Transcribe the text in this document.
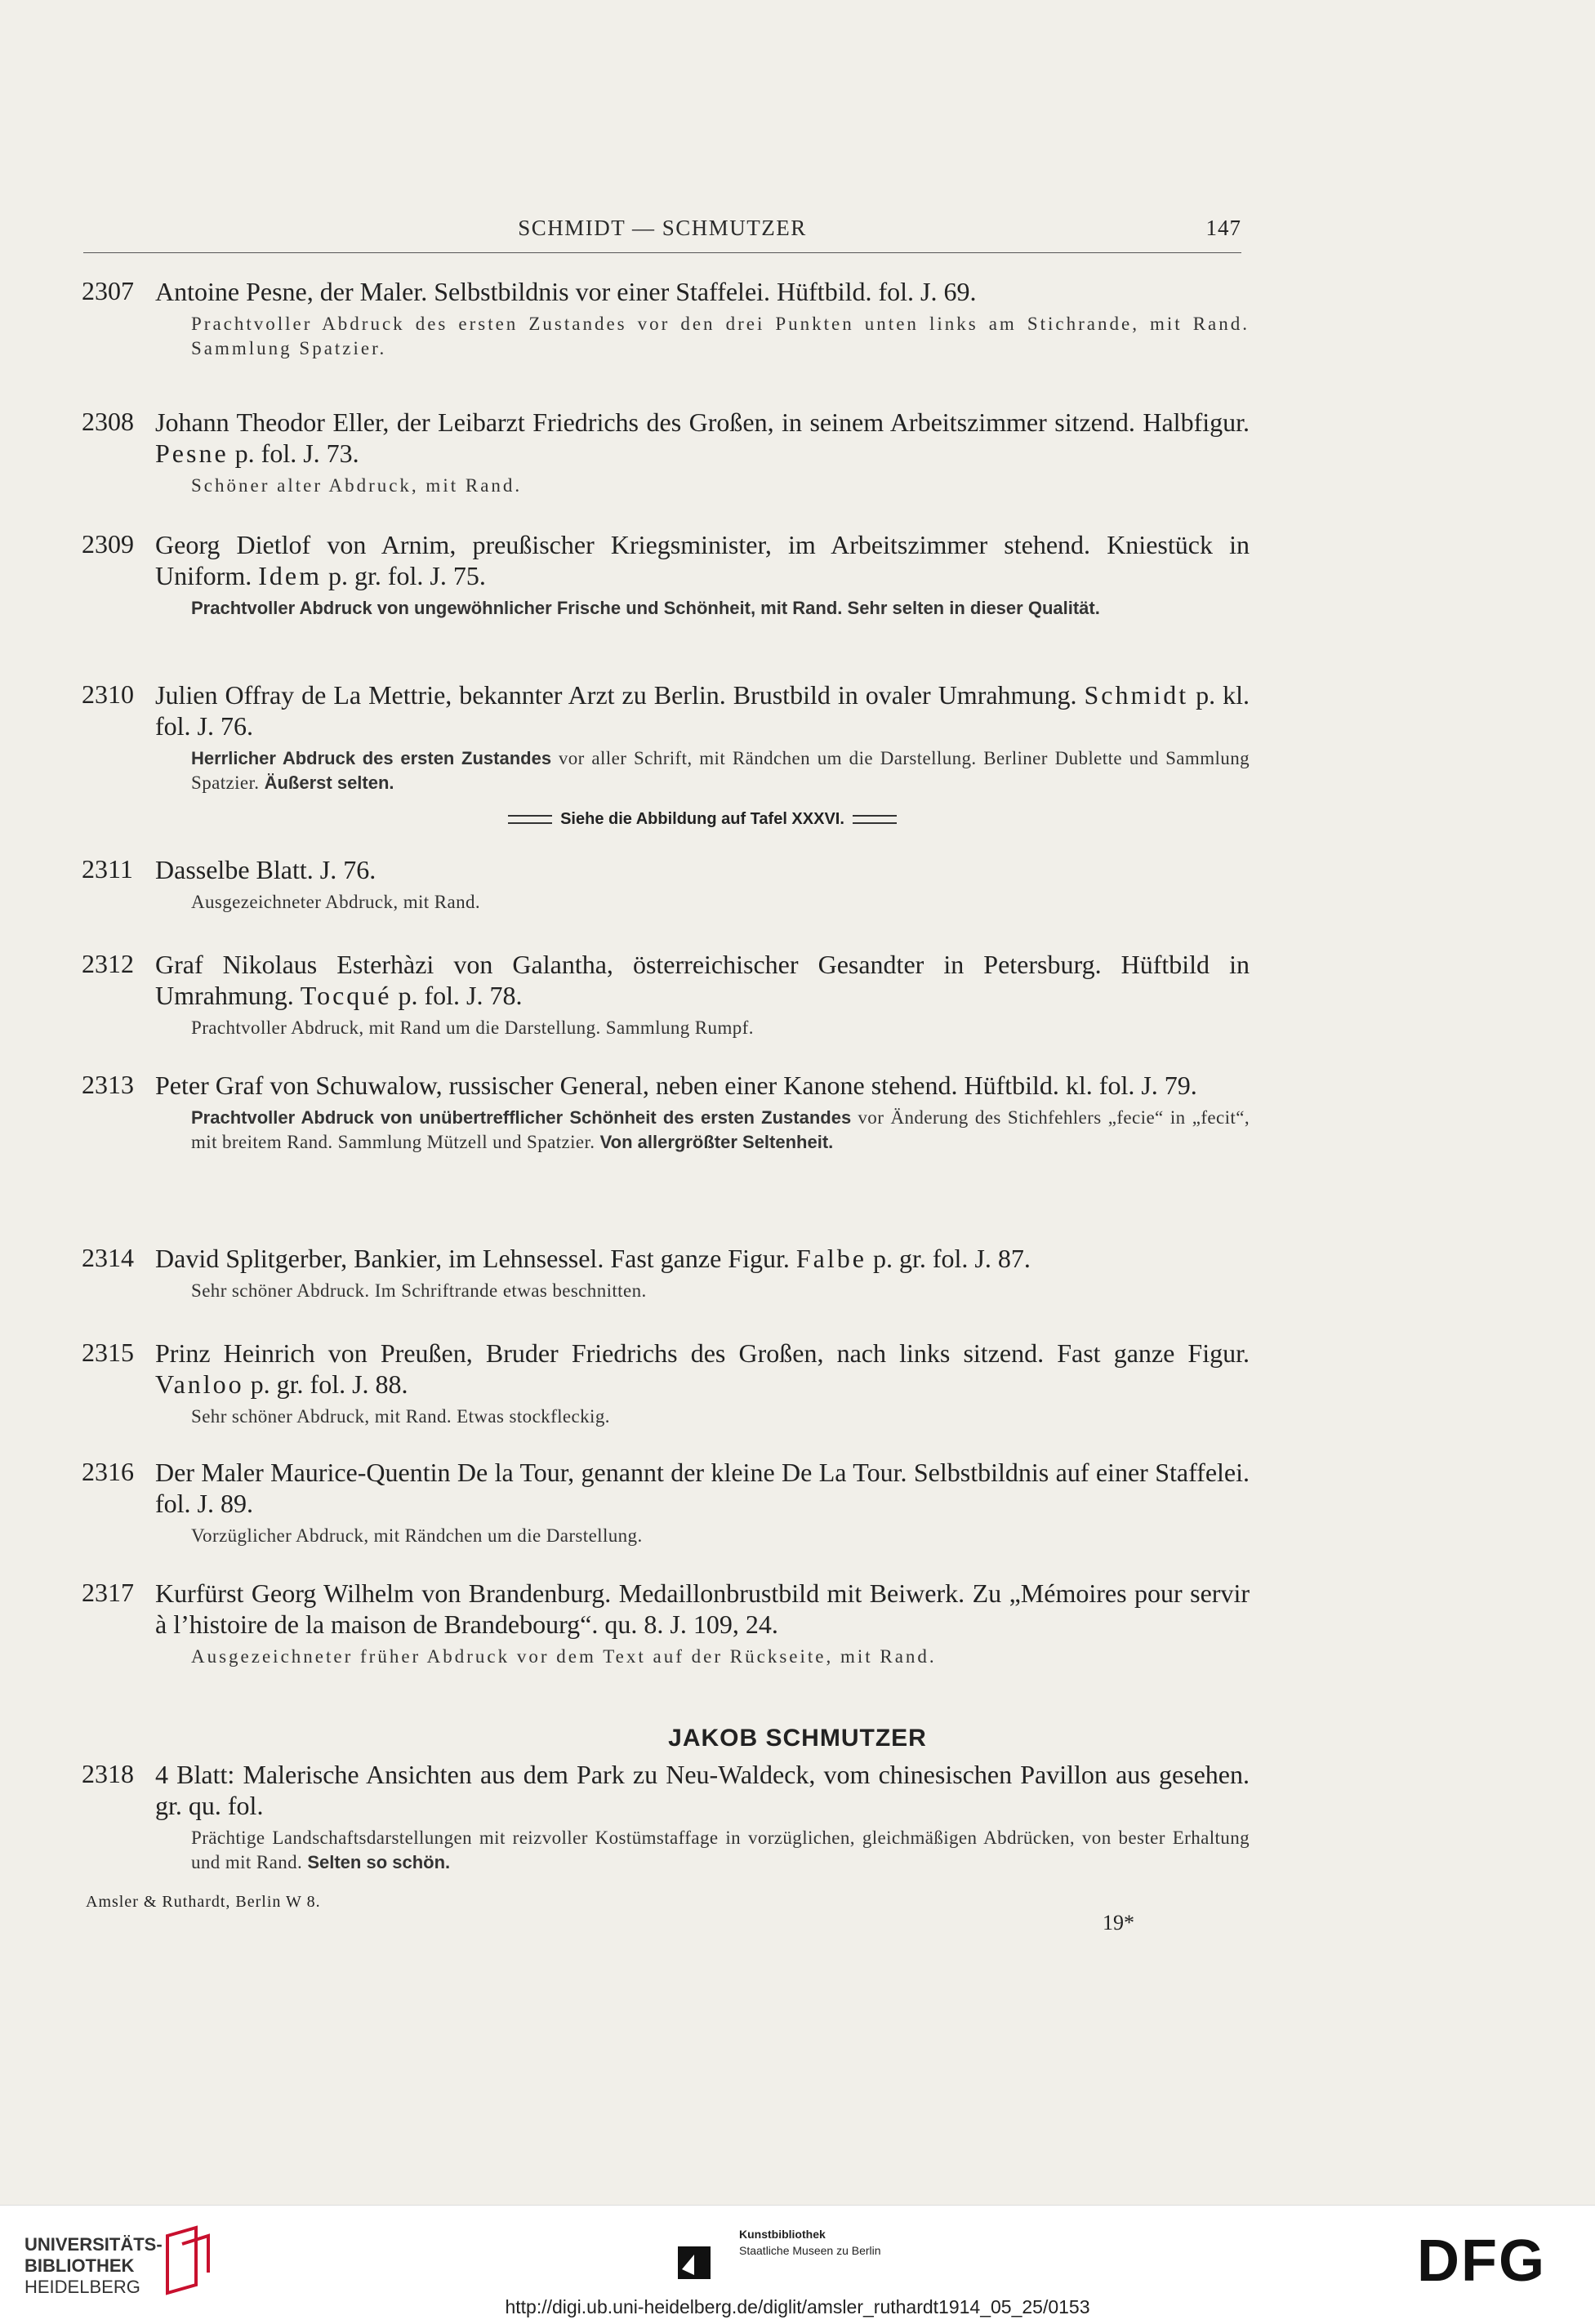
SCHMIDT — SCHMUTZER	147
2307 Antoine Pesne, der Maler. Selbstbildnis vor einer Staffelei. Hüftbild. fol. J. 69.
Prachtvoller Abdruck des ersten Zustandes vor den drei Punkten unten links am Stichrande, mit Rand. Sammlung Spatzier.
2308 Johann Theodor Eller, der Leibarzt Friedrichs des Großen, in seinem Arbeitszimmer sitzend. Halbfigur. Pesne p. fol. J. 73.
Schöner alter Abdruck, mit Rand.
2309 Georg Dietlof von Arnim, preußischer Kriegsminister, im Arbeitszimmer stehend. Kniestück in Uniform. Idem p. gr. fol. J. 75.
Prachtvoller Abdruck von ungewöhnlicher Frische und Schönheit, mit Rand. Sehr selten in dieser Qualität.
2310 Julien Offray de La Mettrie, bekannter Arzt zu Berlin. Brustbild in ovaler Umrahmung. Schmidt p. kl. fol. J. 76.
Herrlicher Abdruck des ersten Zustandes vor aller Schrift, mit Rändchen um die Darstellung. Berliner Dublette und Sammlung Spatzier. Äußerst selten.
Siehe die Abbildung auf Tafel XXXVI.
2311 Dasselbe Blatt. J. 76.
Ausgezeichneter Abdruck, mit Rand.
2312 Graf Nikolaus Esterhàzi von Galantha, österreichischer Gesandter in Petersburg. Hüftbild in Umrahmung. Tocqué p. fol. J. 78.
Prachtvoller Abdruck, mit Rand um die Darstellung. Sammlung Rumpf.
2313 Peter Graf von Schuwalow, russischer General, neben einer Kanone stehend. Hüftbild. kl. fol. J. 79.
Prachtvoller Abdruck von unübertrefflicher Schönheit des ersten Zustandes vor Änderung des Stichfehlers „fecie“ in „fecit“, mit breitem Rand. Sammlung Mützell und Spatzier. Von allergrößter Seltenheit.
2314 David Splitgerber, Bankier, im Lehnsessel. Fast ganze Figur. Falbe p. gr. fol. J. 87.
Sehr schöner Abdruck. Im Schriftrande etwas beschnitten.
2315 Prinz Heinrich von Preußen, Bruder Friedrichs des Großen, nach links sitzend. Fast ganze Figur. Vanloo p. gr. fol. J. 88.
Sehr schöner Abdruck, mit Rand. Etwas stockfleckig.
2316 Der Maler Maurice-Quentin De la Tour, genannt der kleine De La Tour. Selbstbildnis auf einer Staffelei. fol. J. 89.
Vorzüglicher Abdruck, mit Rändchen um die Darstellung.
2317 Kurfürst Georg Wilhelm von Brandenburg. Medaillonbrustbild mit Beiwerk. Zu „Mémoires pour servir à l’histoire de la maison de Brandebourg“. qu. 8. J. 109, 24.
Ausgezeichneter früher Abdruck vor dem Text auf der Rückseite, mit Rand.
JAKOB SCHMUTZER
2318 4 Blatt: Malerische Ansichten aus dem Park zu Neu-Waldeck, vom chinesischen Pavillon aus gesehen. gr. qu. fol.
Prächtige Landschaftsdarstellungen mit reizvoller Kostümstaffage in vorzüglichen, gleichmäßigen Abdrücken, von bester Erhaltung und mit Rand. Selten so schön.
Amsler & Ruthardt, Berlin W 8.
19*
UNIVERSITÄTS-
BIBLIOTHEK
HEIDELBERG
Kunstbibliothek
Staatliche Museen zu Berlin	DFG
http://digi.ub.uni-heidelberg.de/diglit/amsler_ruthardt1914_05_25/0153
